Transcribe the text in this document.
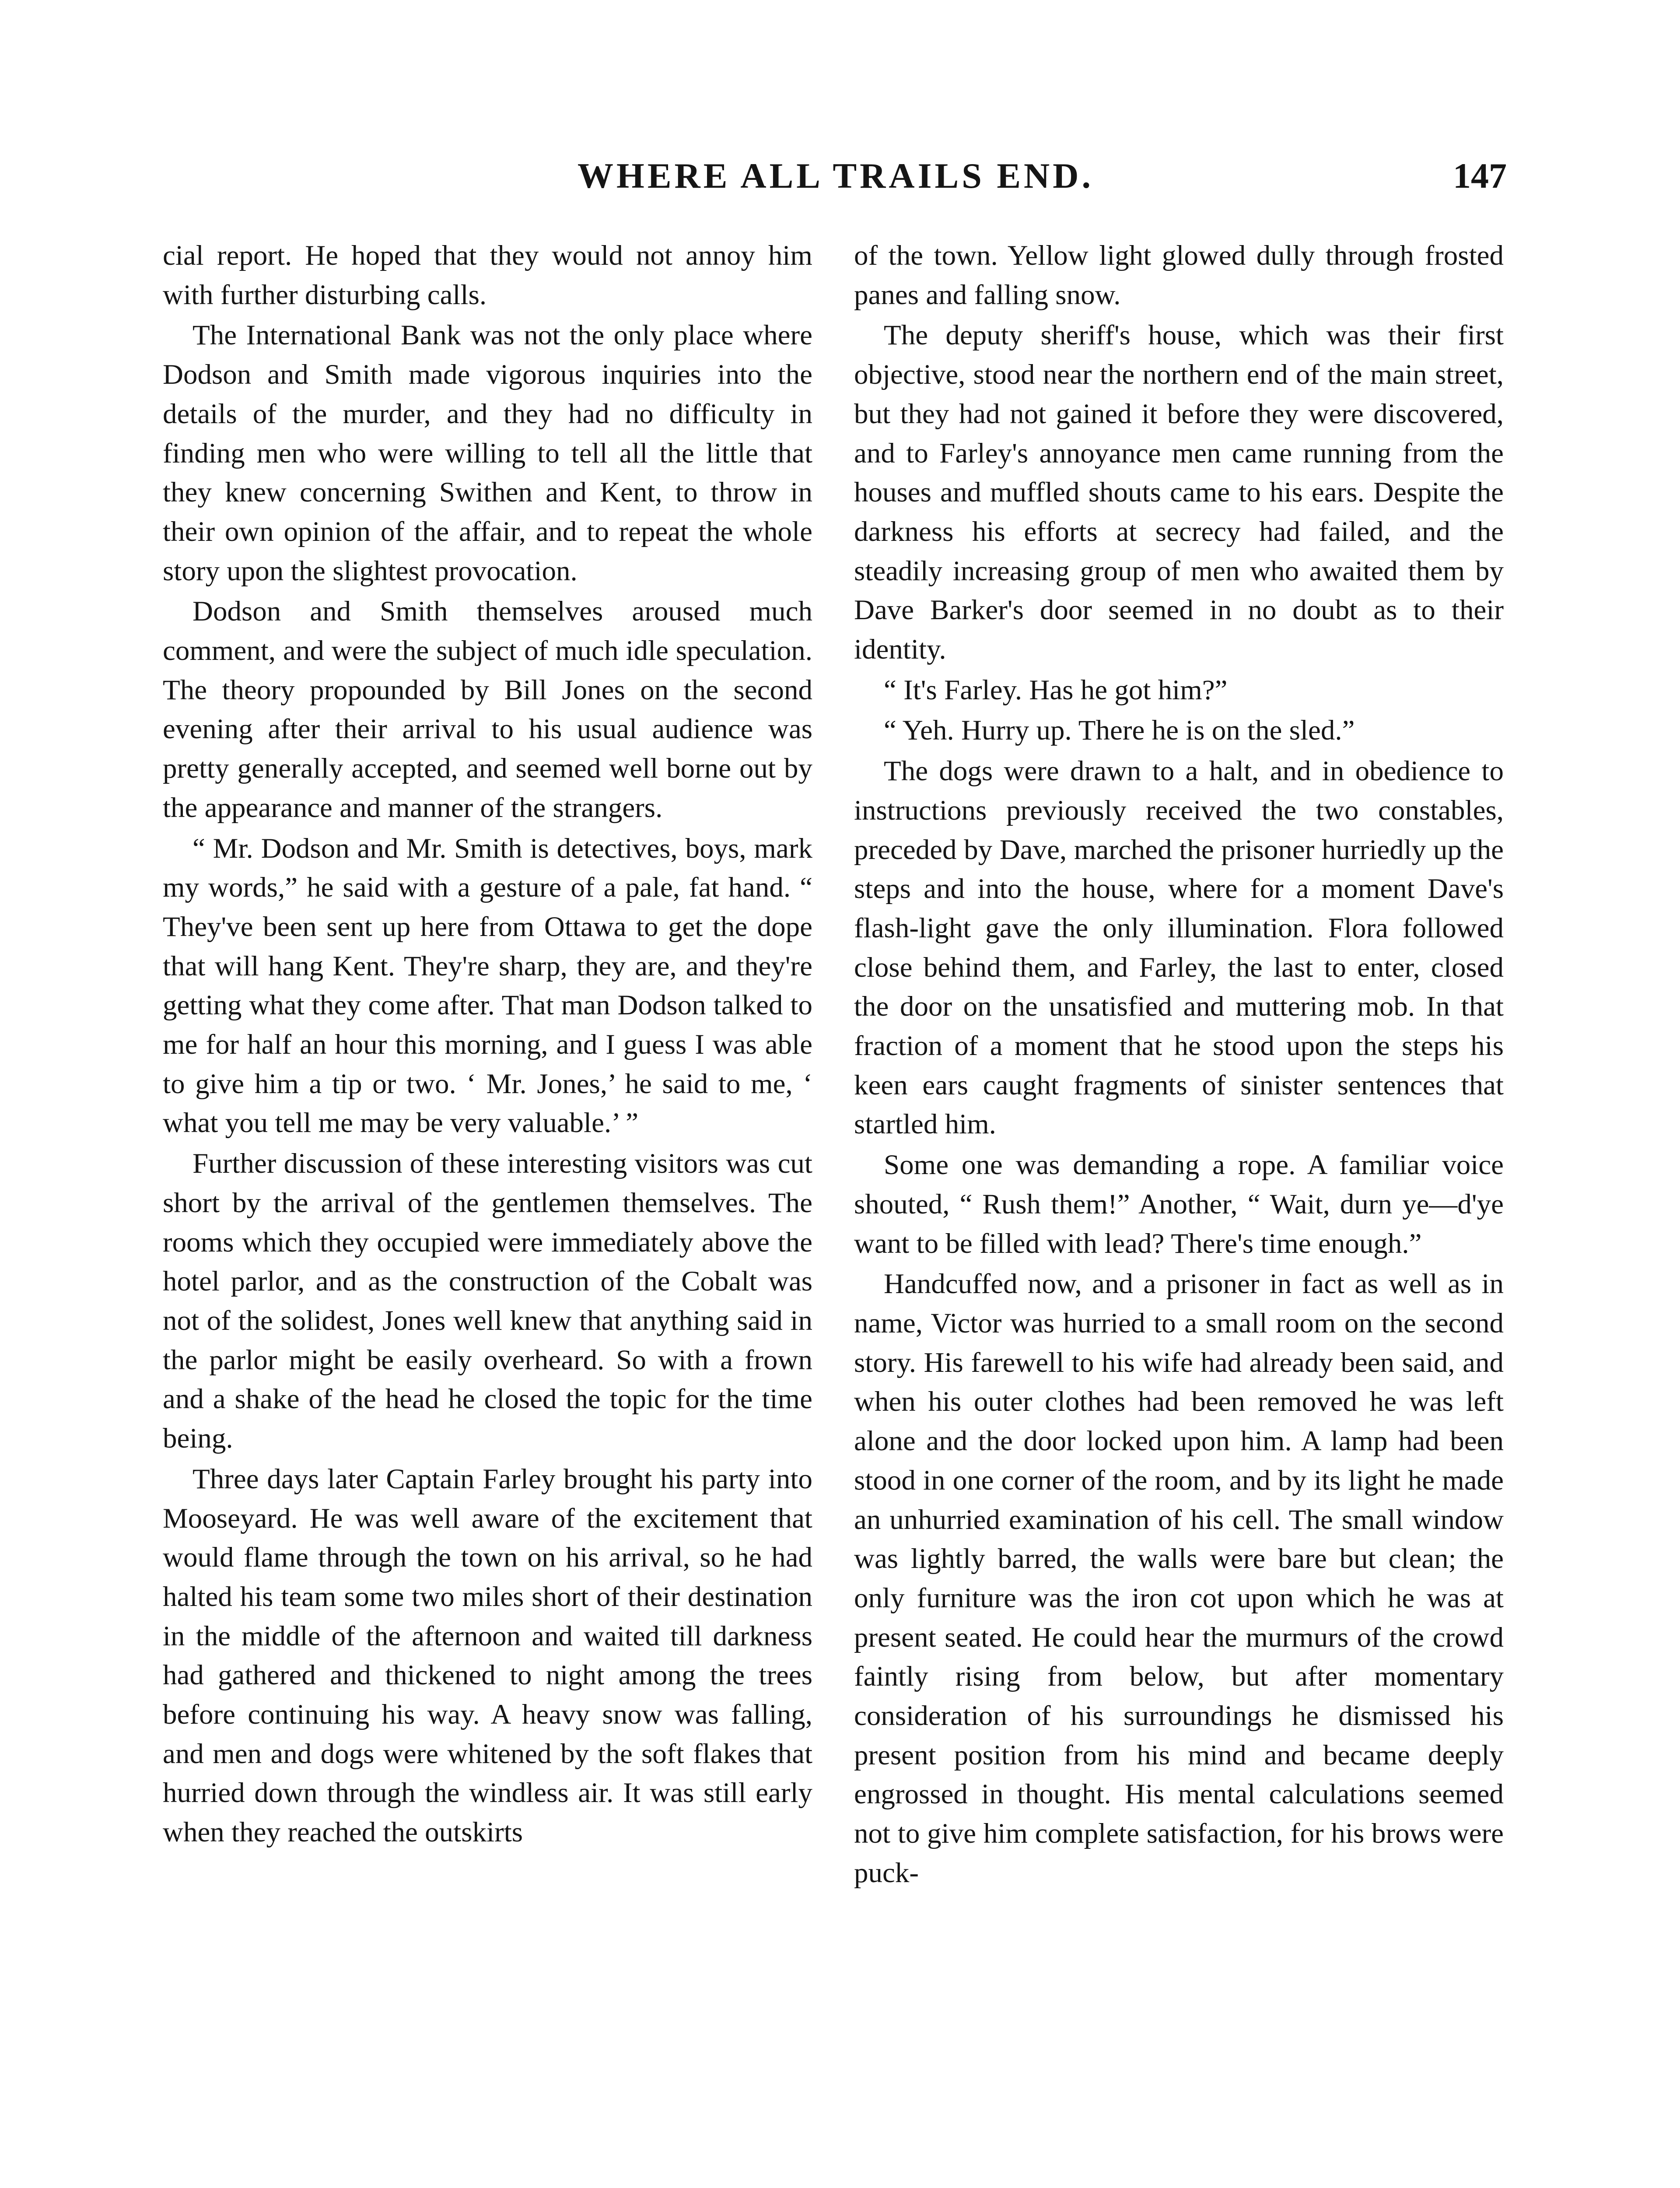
WHERE ALL TRAILS END.	147

cial report. He hoped that they would not annoy him with further disturbing calls.

The International Bank was not the only place where Dodson and Smith made vigorous inquiries into the details of the murder, and they had no difficulty in finding men who were willing to tell all the little that they knew concerning Swithen and Kent, to throw in their own opinion of the affair, and to repeat the whole story upon the slightest provocation.

Dodson and Smith themselves aroused much comment, and were the subject of much idle speculation. The theory propounded by Bill Jones on the second evening after their arrival to his usual audience was pretty generally accepted, and seemed well borne out by the appearance and manner of the strangers.

“ Mr. Dodson and Mr. Smith is detectives, boys, mark my words,” he said with a gesture of a pale, fat hand. “ They've been sent up here from Ottawa to get the dope that will hang Kent. They're sharp, they are, and they're getting what they come after. That man Dodson talked to me for half an hour this morning, and I guess I was able to give him a tip or two. ‘ Mr. Jones,’ he said to me, ‘ what you tell me may be very valuable.’ ”

Further discussion of these interesting visitors was cut short by the arrival of the gentlemen themselves. The rooms which they occupied were immediately above the hotel parlor, and as the construction of the Cobalt was not of the solidest, Jones well knew that anything said in the parlor might be easily overheard. So with a frown and a shake of the head he closed the topic for the time being.

Three days later Captain Farley brought his party into Mooseyard. He was well aware of the excitement that would flame through the town on his arrival, so he had halted his team some two miles short of their destination in the middle of the afternoon and waited till darkness had gathered and thickened to night among the trees before continuing his way. A heavy snow was falling, and men and dogs were whitened by the soft flakes that hurried down through the windless air. It was still early when they reached the outskirts

of the town. Yellow light glowed dully through frosted panes and falling snow.

The deputy sheriff's house, which was their first objective, stood near the northern end of the main street, but they had not gained it before they were discovered, and to Farley's annoyance men came running from the houses and muffled shouts came to his ears. Despite the darkness his efforts at secrecy had failed, and the steadily increasing group of men who awaited them by Dave Barker's door seemed in no doubt as to their identity.

“ It's Farley. Has he got him?”

“ Yeh. Hurry up. There he is on the sled.”

The dogs were drawn to a halt, and in obedience to instructions previously received the two constables, preceded by Dave, marched the prisoner hurriedly up the steps and into the house, where for a moment Dave's flash-light gave the only illumination. Flora followed close behind them, and Farley, the last to enter, closed the door on the unsatisfied and muttering mob. In that fraction of a moment that he stood upon the steps his keen ears caught fragments of sinister sentences that startled him.

Some one was demanding a rope. A familiar voice shouted, “ Rush them!” Another, “ Wait, durn ye—d'ye want to be filled with lead? There's time enough.”

Handcuffed now, and a prisoner in fact as well as in name, Victor was hurried to a small room on the second story. His farewell to his wife had already been said, and when his outer clothes had been removed he was left alone and the door locked upon him. A lamp had been stood in one corner of the room, and by its light he made an unhurried examination of his cell. The small window was lightly barred, the walls were bare but clean; the only furniture was the iron cot upon which he was at present seated. He could hear the murmurs of the crowd faintly rising from below, but after momentary consideration of his surroundings he dismissed his present position from his mind and became deeply engrossed in thought. His mental calculations seemed not to give him complete satisfaction, for his brows were puck-
